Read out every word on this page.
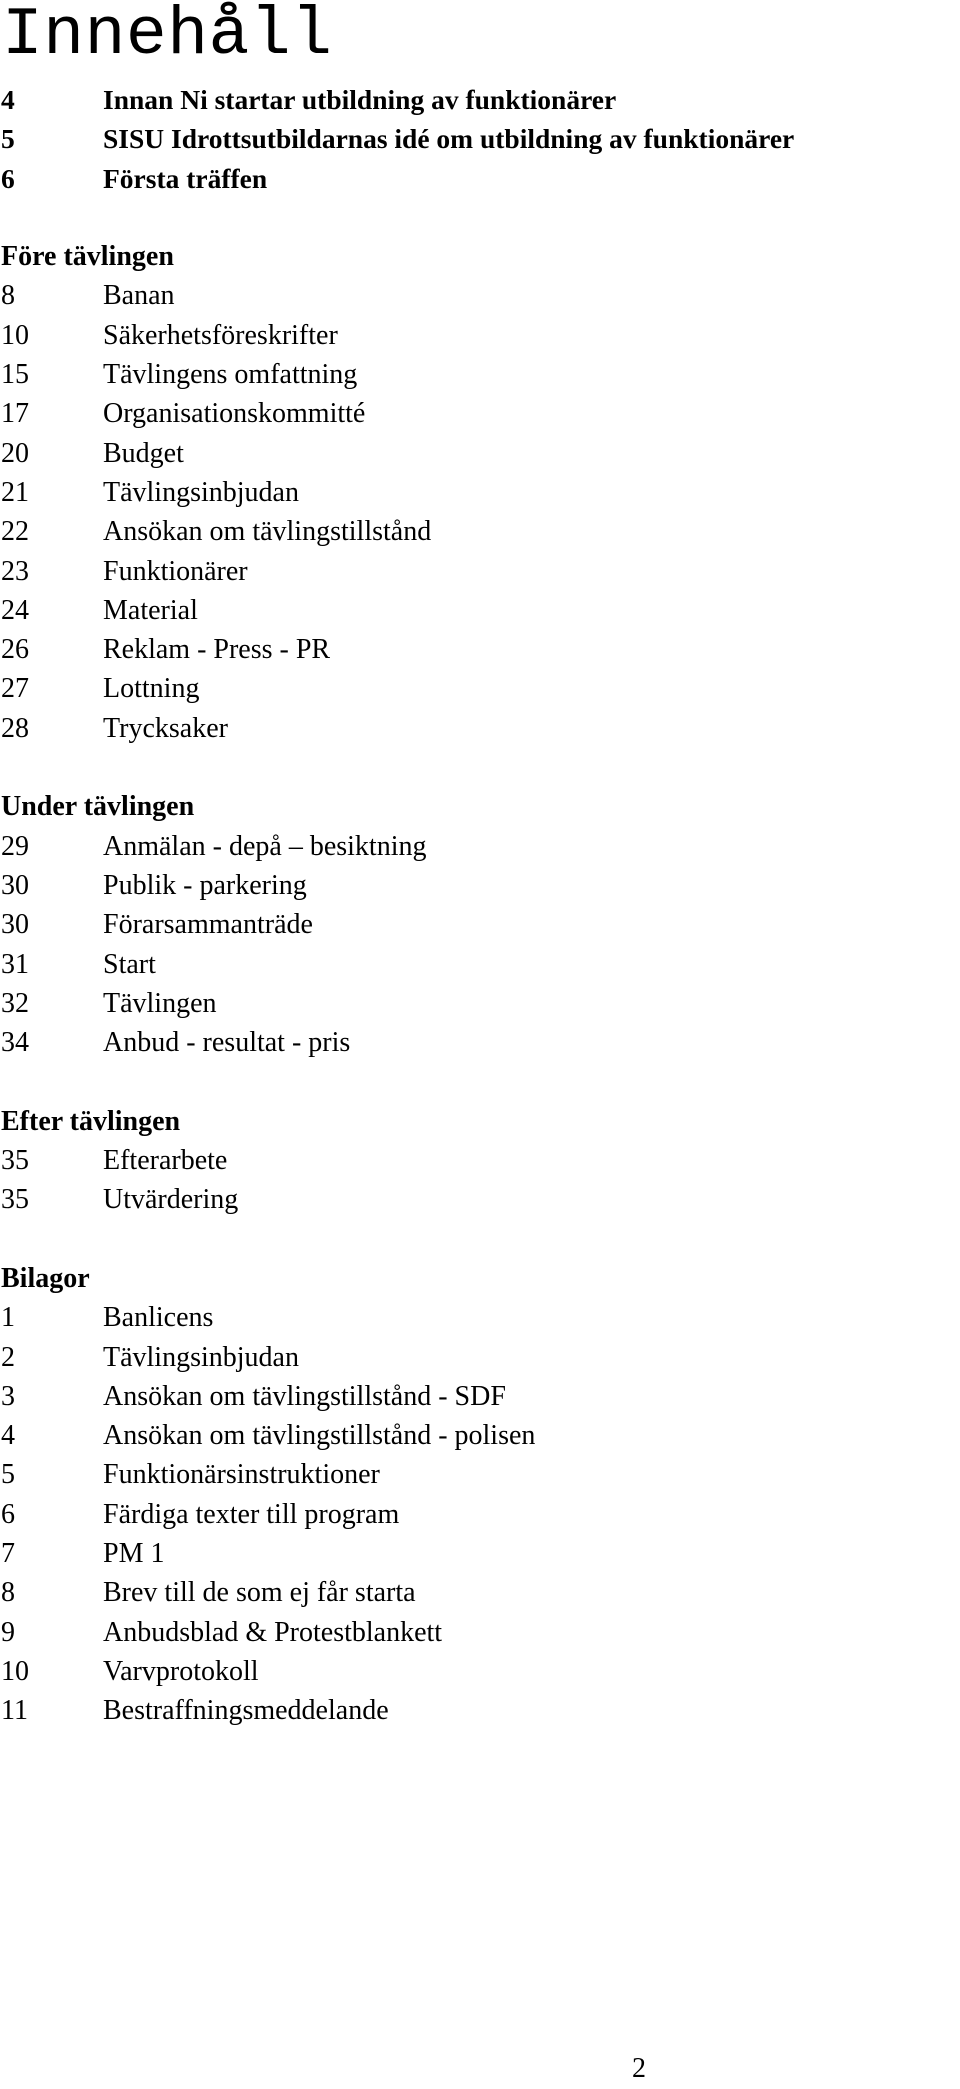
Innehåll
4	Innan Ni startar utbildning av funktionärer
5	SISU Idrottsutbildarnas idé om utbildning av funktionärer
6	Första träffen
Före tävlingen
8	Banan
10	Säkerhetsföreskrifter
15	Tävlingens omfattning
17	Organisationskommitté
20	Budget
21	Tävlingsinbjudan
22	Ansökan om tävlingstillstånd
23	Funktionärer
24	Material
26	Reklam - Press - PR
27	Lottning
28	Trycksaker
Under tävlingen
29	Anmälan - depå – besiktning
30	Publik - parkering
30	Förarsammanträde
31	Start
32	Tävlingen
34	Anbud - resultat - pris
Efter tävlingen
35	Efterarbete
35	Utvärdering
Bilagor
1	Banlicens
2	Tävlingsinbjudan
3	Ansökan om tävlingstillstånd - SDF
4	Ansökan om tävlingstillstånd - polisen
5	Funktionärsinstruktioner
6	Färdiga texter till program
7	PM 1
8	Brev till de som ej får starta
9	Anbudsblad & Protestblankett
10	Varvprotokoll
11	Bestraffningsmeddelande
2
